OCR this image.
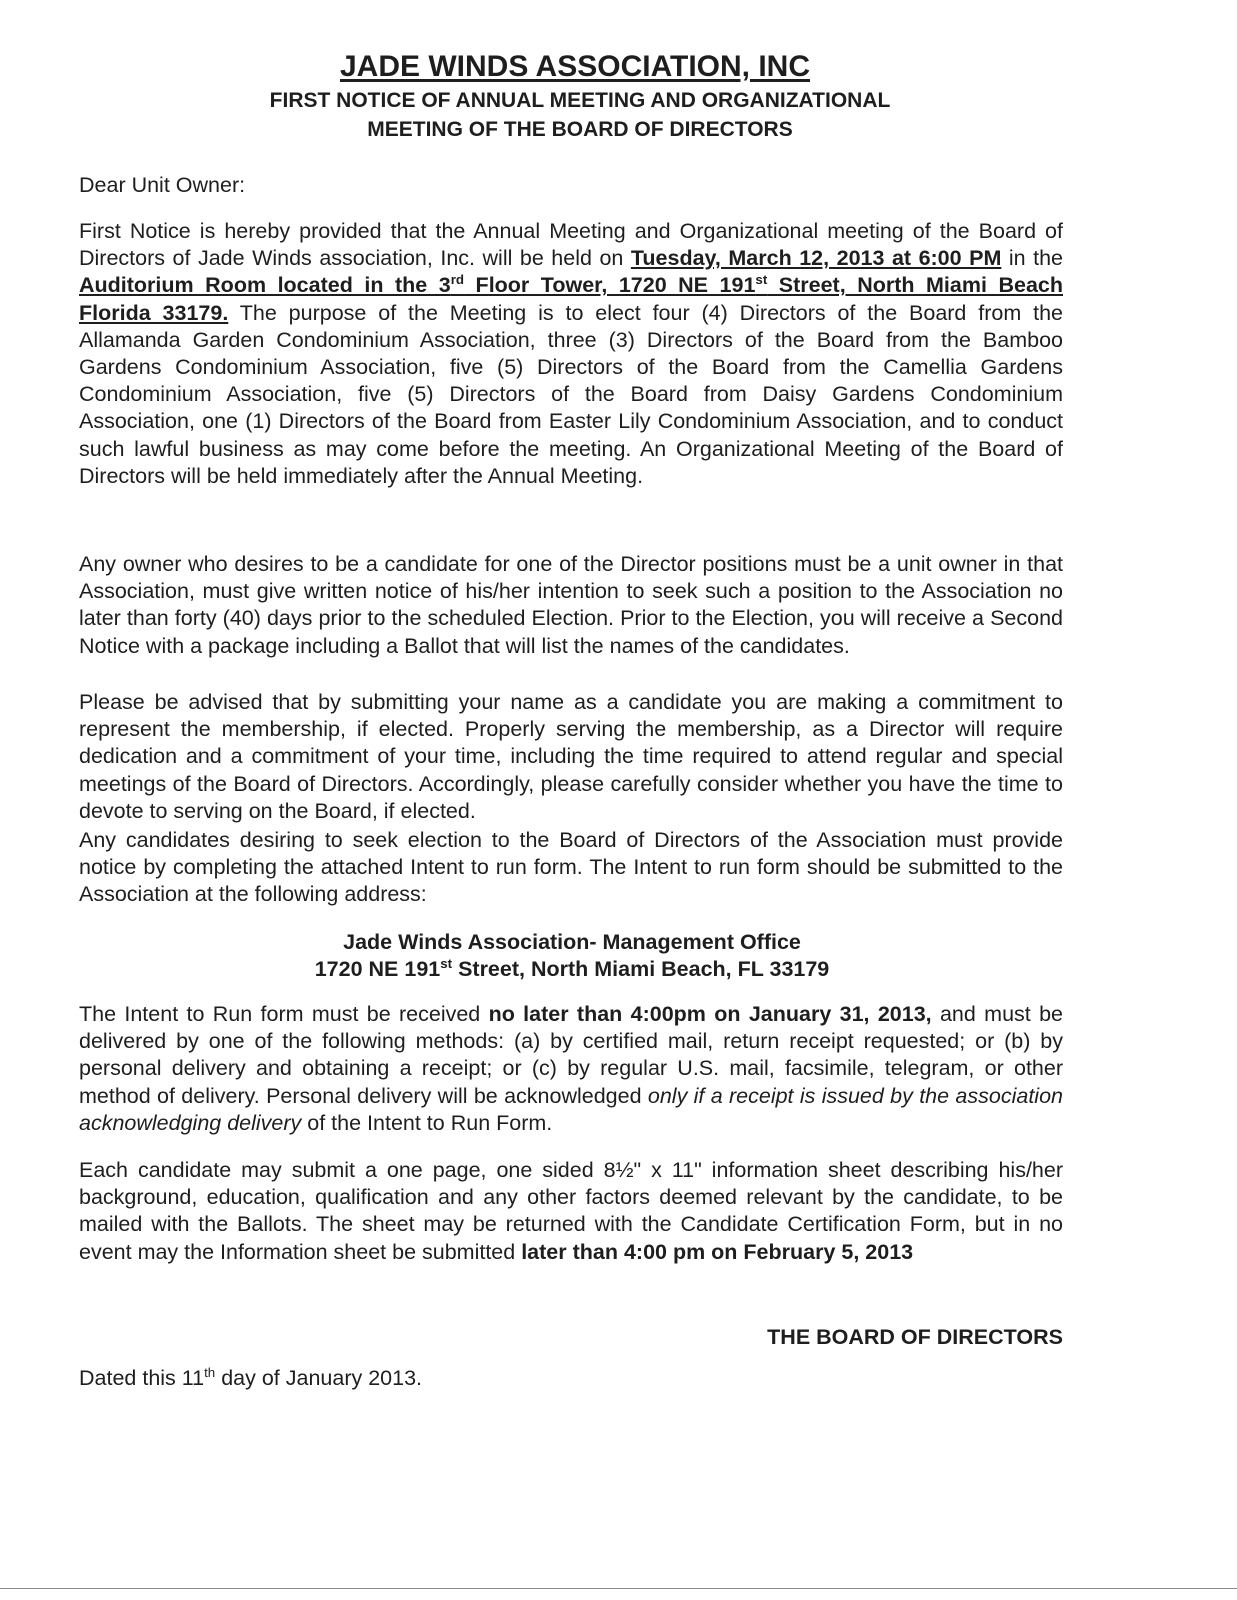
JADE WINDS ASSOCIATION, INC
FIRST NOTICE OF ANNUAL MEETING AND ORGANIZATIONAL
MEETING OF THE BOARD OF DIRECTORS

Dear Unit Owner:

First Notice is hereby provided that the Annual Meeting and Organizational meeting of the Board of Directors of Jade Winds association, Inc. will be held on Tuesday, March 12, 2013 at 6:00 PM in the Auditorium Room located in the 3rd Floor Tower, 1720 NE 191st Street, North Miami Beach Florida 33179. The purpose of the Meeting is to elect four (4) Directors of the Board from the Allamanda Garden Condominium Association, three (3) Directors of the Board from the Bamboo Gardens Condominium Association, five (5) Directors of the Board from the Camellia Gardens Condominium Association, five (5) Directors of the Board from Daisy Gardens Condominium Association, one (1) Directors of the Board from Easter Lily Condominium Association, and to conduct such lawful business as may come before the meeting. An Organizational Meeting of the Board of Directors will be held immediately after the Annual Meeting.

Any owner who desires to be a candidate for one of the Director positions must be a unit owner in that Association, must give written notice of his/her intention to seek such a position to the Association no later than forty (40) days prior to the scheduled Election. Prior to the Election, you will receive a Second Notice with a package including a Ballot that will list the names of the candidates.

Please be advised that by submitting your name as a candidate you are making a commitment to represent the membership, if elected. Properly serving the membership, as a Director will require dedication and a commitment of your time, including the time required to attend regular and special meetings of the Board of Directors. Accordingly, please carefully consider whether you have the time to devote to serving on the Board, if elected.

Any candidates desiring to seek election to the Board of Directors of the Association must provide notice by completing the attached Intent to run form. The Intent to run form should be submitted to the Association at the following address:

Jade Winds Association- Management Office
1720 NE 191st Street, North Miami Beach, FL 33179

The Intent to Run form must be received no later than 4:00pm on January 31, 2013, and must be delivered by one of the following methods: (a) by certified mail, return receipt requested; or (b) by personal delivery and obtaining a receipt; or (c) by regular U.S. mail, facsimile, telegram, or other method of delivery. Personal delivery will be acknowledged only if a receipt is issued by the association acknowledging delivery of the Intent to Run Form.

Each candidate may submit a one page, one sided 8½" x 11" information sheet describing his/her background, education, qualification and any other factors deemed relevant by the candidate, to be mailed with the Ballots. The sheet may be returned with the Candidate Certification Form, but in no event may the Information sheet be submitted later than 4:00 pm on February 5, 2013

THE BOARD OF DIRECTORS
Dated this 11th day of January 2013.
